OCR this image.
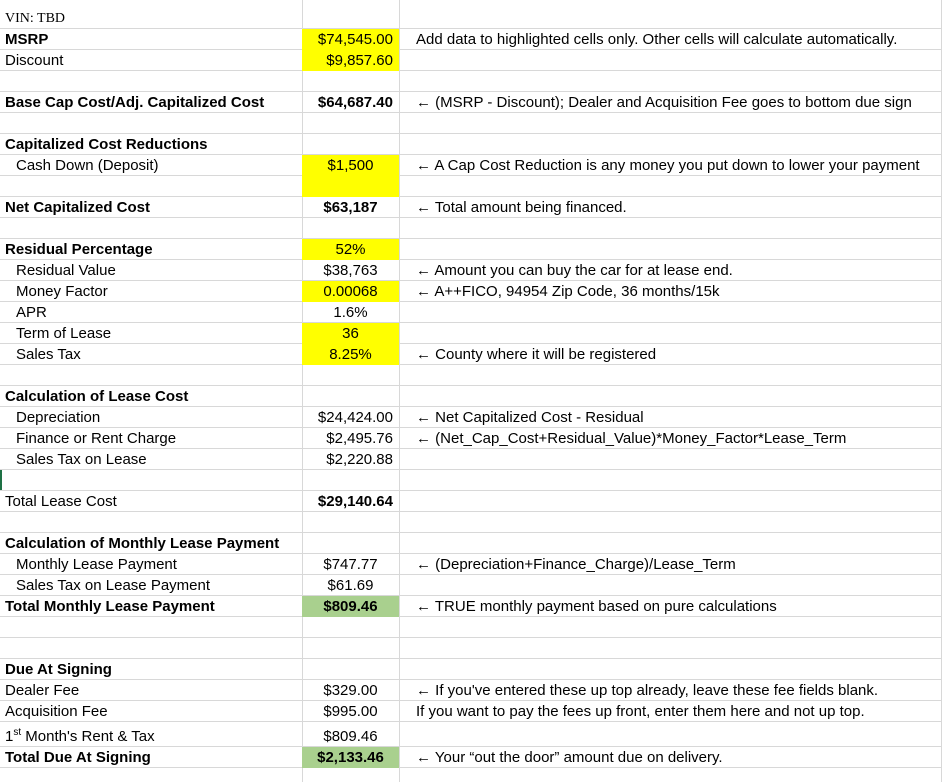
VIN: TBD
MSRP	$74,545.00	Add data to highlighted cells only. Other cells will calculate automatically.
Discount	$9,857.60
Base Cap Cost/Adj. Capitalized Cost	$64,687.40	← (MSRP - Discount); Dealer and Acquisition Fee goes to bottom due sign
Capitalized Cost Reductions
Cash Down (Deposit)	$1,500	← A Cap Cost Reduction is any money you put down to lower your payment
Net Capitalized Cost	$63,187	← Total amount being financed.
Residual Percentage	52%
Residual Value	$38,763	← Amount you can buy the car for at lease end.
Money Factor	0.00068	← A++FICO, 94954 Zip Code, 36 months/15k
APR	1.6%
Term of Lease	36
Sales Tax	8.25%	← County where it will be registered
Calculation of Lease Cost
Depreciation	$24,424.00	← Net Capitalized Cost - Residual
Finance or Rent Charge	$2,495.76	← (Net_Cap_Cost+Residual_Value)*Money_Factor*Lease_Term
Sales Tax on Lease	$2,220.88
Total Lease Cost	$29,140.64
Calculation of Monthly Lease Payment
Monthly Lease Payment	$747.77	← (Depreciation+Finance_Charge)/Lease_Term
Sales Tax on Lease Payment	$61.69
Total Monthly Lease Payment	$809.46	← TRUE monthly payment based on pure calculations
Due At Signing
Dealer Fee	$329.00	← If you've entered these up top already, leave these fee fields blank.
Acquisition Fee	$995.00	If you want to pay the fees up front, enter them here and not up top.
1st Month's Rent & Tax	$809.46
Total Due At Signing	$2,133.46	← Your “out the door” amount due on delivery.
